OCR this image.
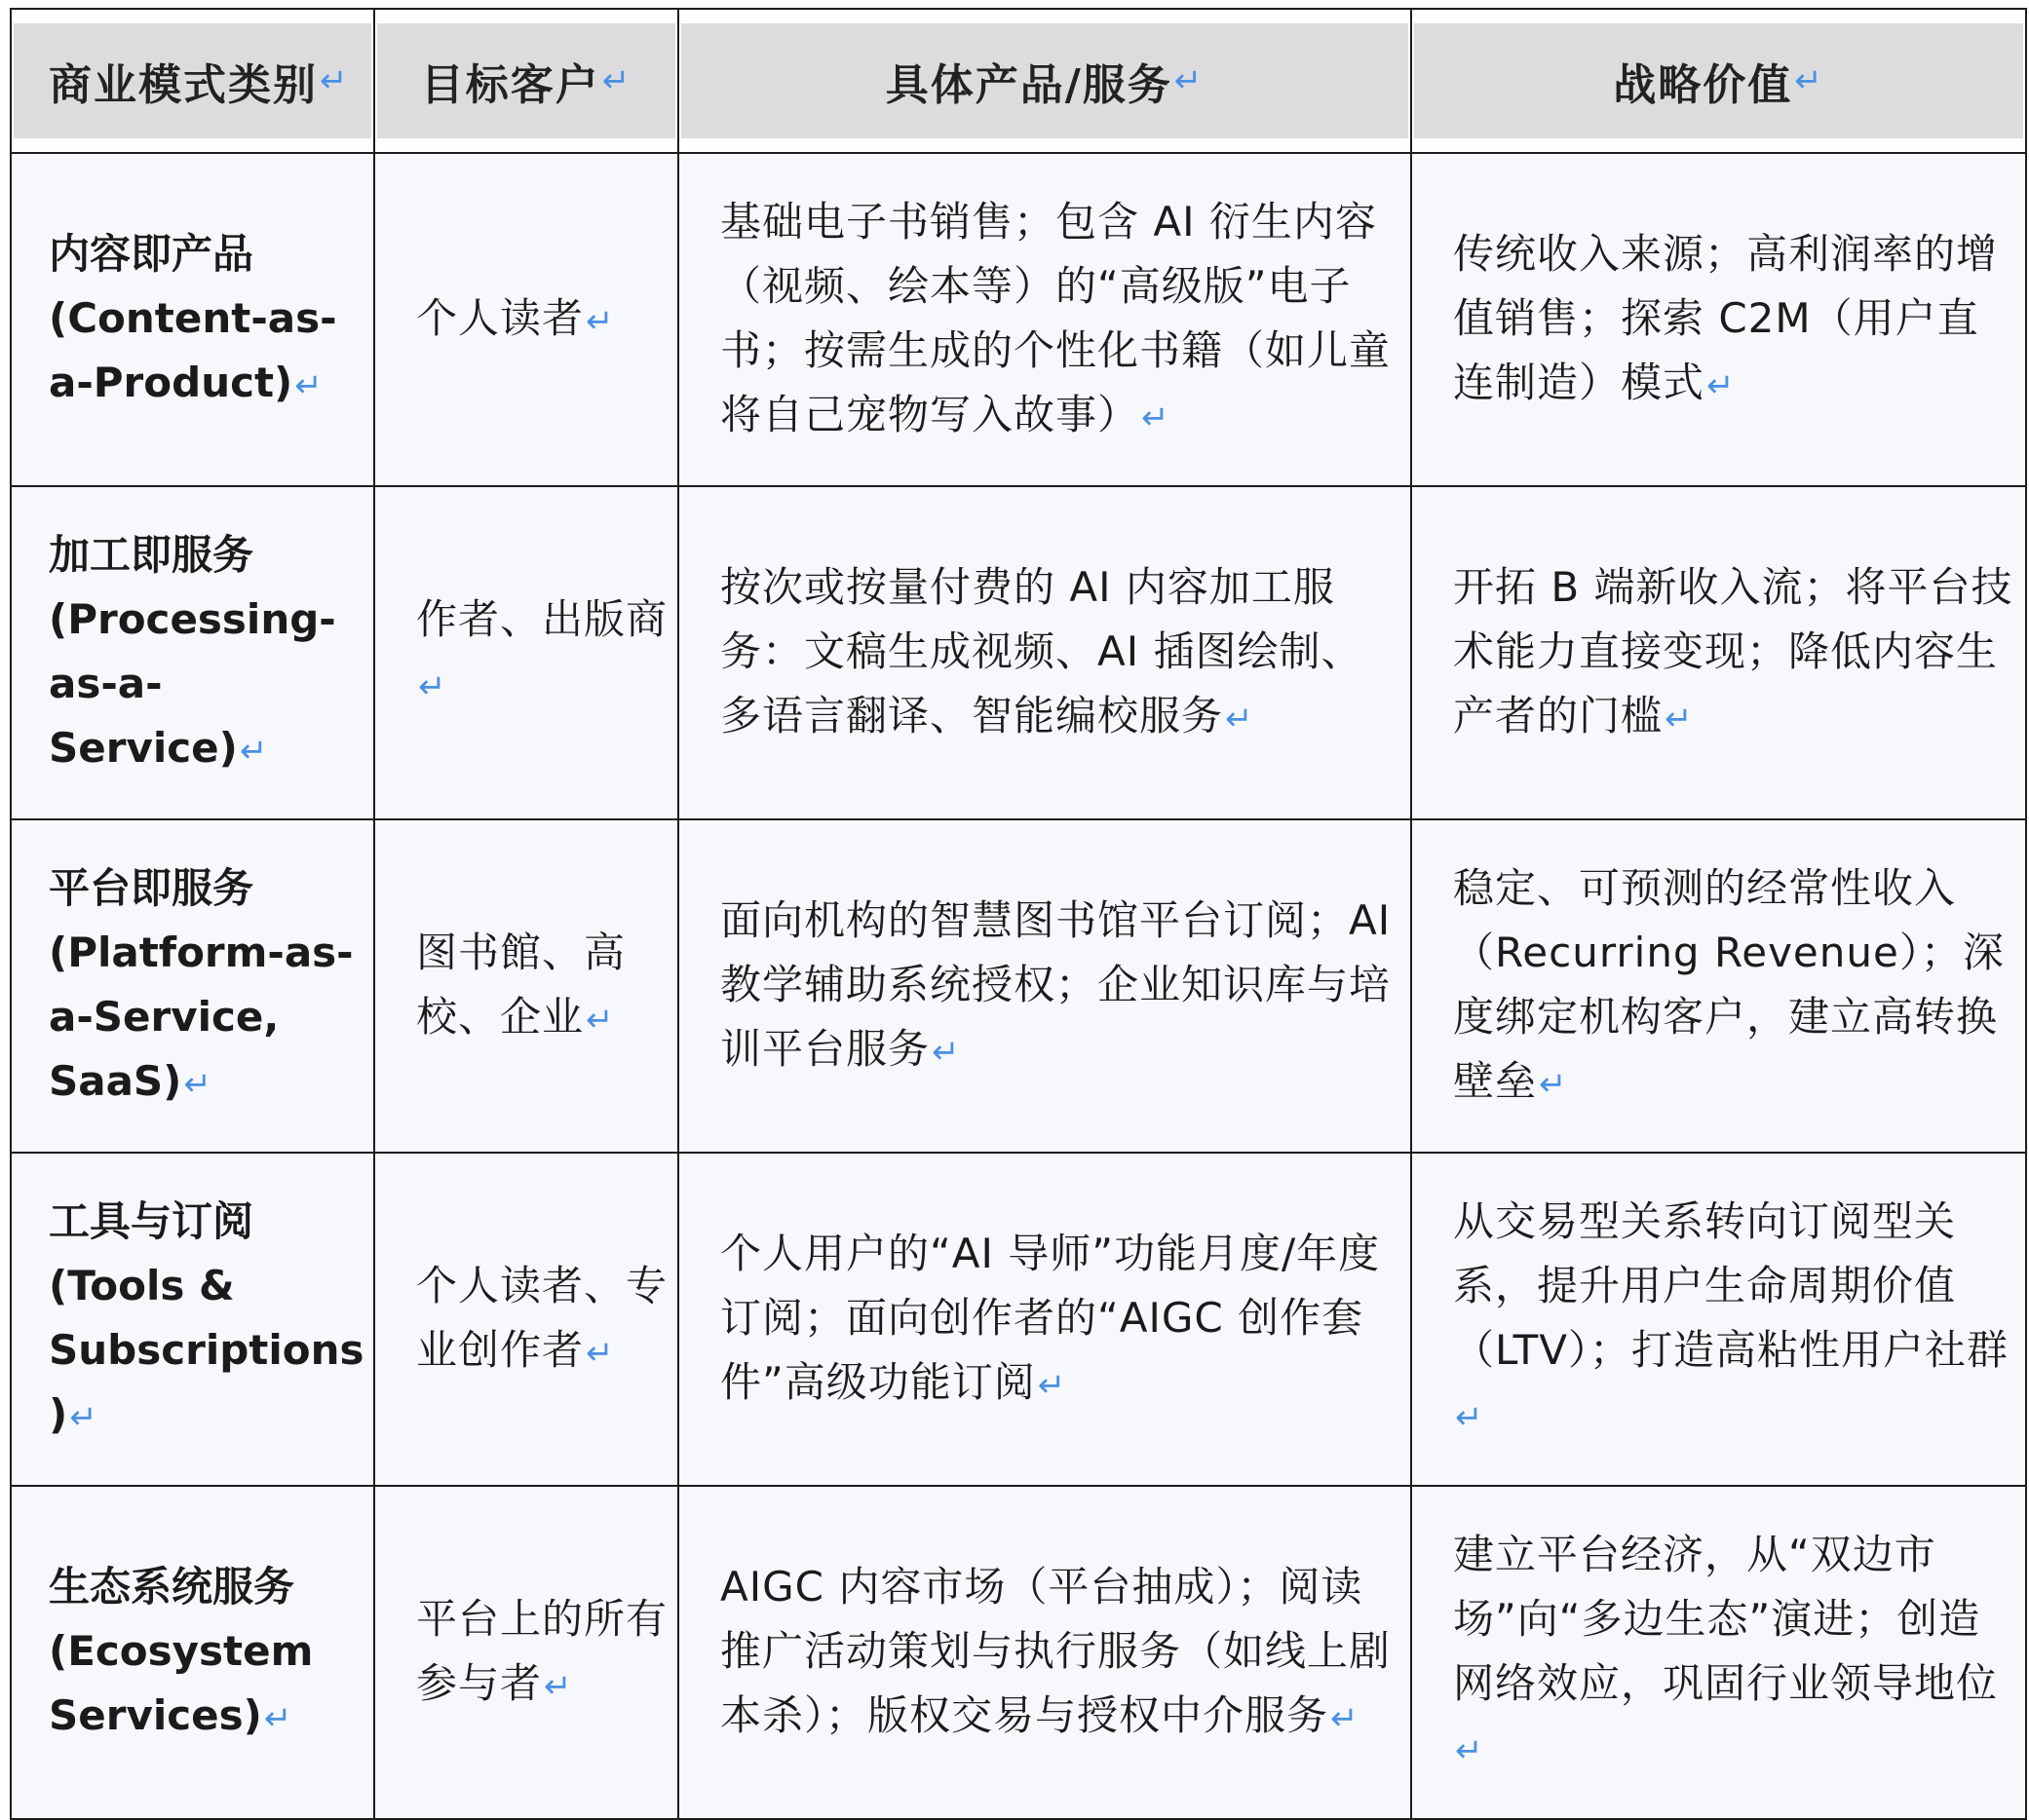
商业模式类别 ↵	目标客户 ↵	具体产品/服务 ↵	战略价值 ↵

内容即产品
(Content-as-a-Product)↵	个人读者↵	基础电子书销售；包含 AI 衍生内容（视频、绘本等）的“高级版”电子书；按需生成的个性化书籍（如儿童将自己宠物写入故事）↵	传统收入来源；高利润率的增值销售；探索 C2M（用户直连制造）模式↵

加工即服务
(Processing-as-a-Service)↵	作者、出版商↵	按次或按量付费的 AI 内容加工服务：文稿生成视频、AI 插图绘制、多语言翻译、智能编校服务↵	开拓 B 端新收入流；将平台技术能力直接变现；降低内容生产者的门槛↵

平台即服务
(Platform-as-a-Service, SaaS)↵	图书館、高校、企业↵	面向机构的智慧图书馆平台订阅；AI 教学辅助系统授权；企业知识库与培训平台服务↵	稳定、可预测的经常性收入（Recurring Revenue）；深度绑定机构客户，建立高转换壁垒↵

工具与订阅
(Tools & Subscriptions)↵	个人读者、专业创作者↵	个人用户的“AI 导师”功能月度/年度订阅；面向创作者的“AIGC 创作套件”高级功能订阅↵	从交易型关系转向订阅型关系，提升用户生命周期价值（LTV）；打造高粘性用户社群↵

生态系统服务
(Ecosystem Services)↵	平台上的所有参与者↵	AIGC 内容市场（平台抽成）；阅读推广活动策划与执行服务（如线上剧本杀）；版权交易与授权中介服务↵	建立平台经济，从“双边市场”向“多边生态”演进；创造网络效应，巩固行业领导地位↵
